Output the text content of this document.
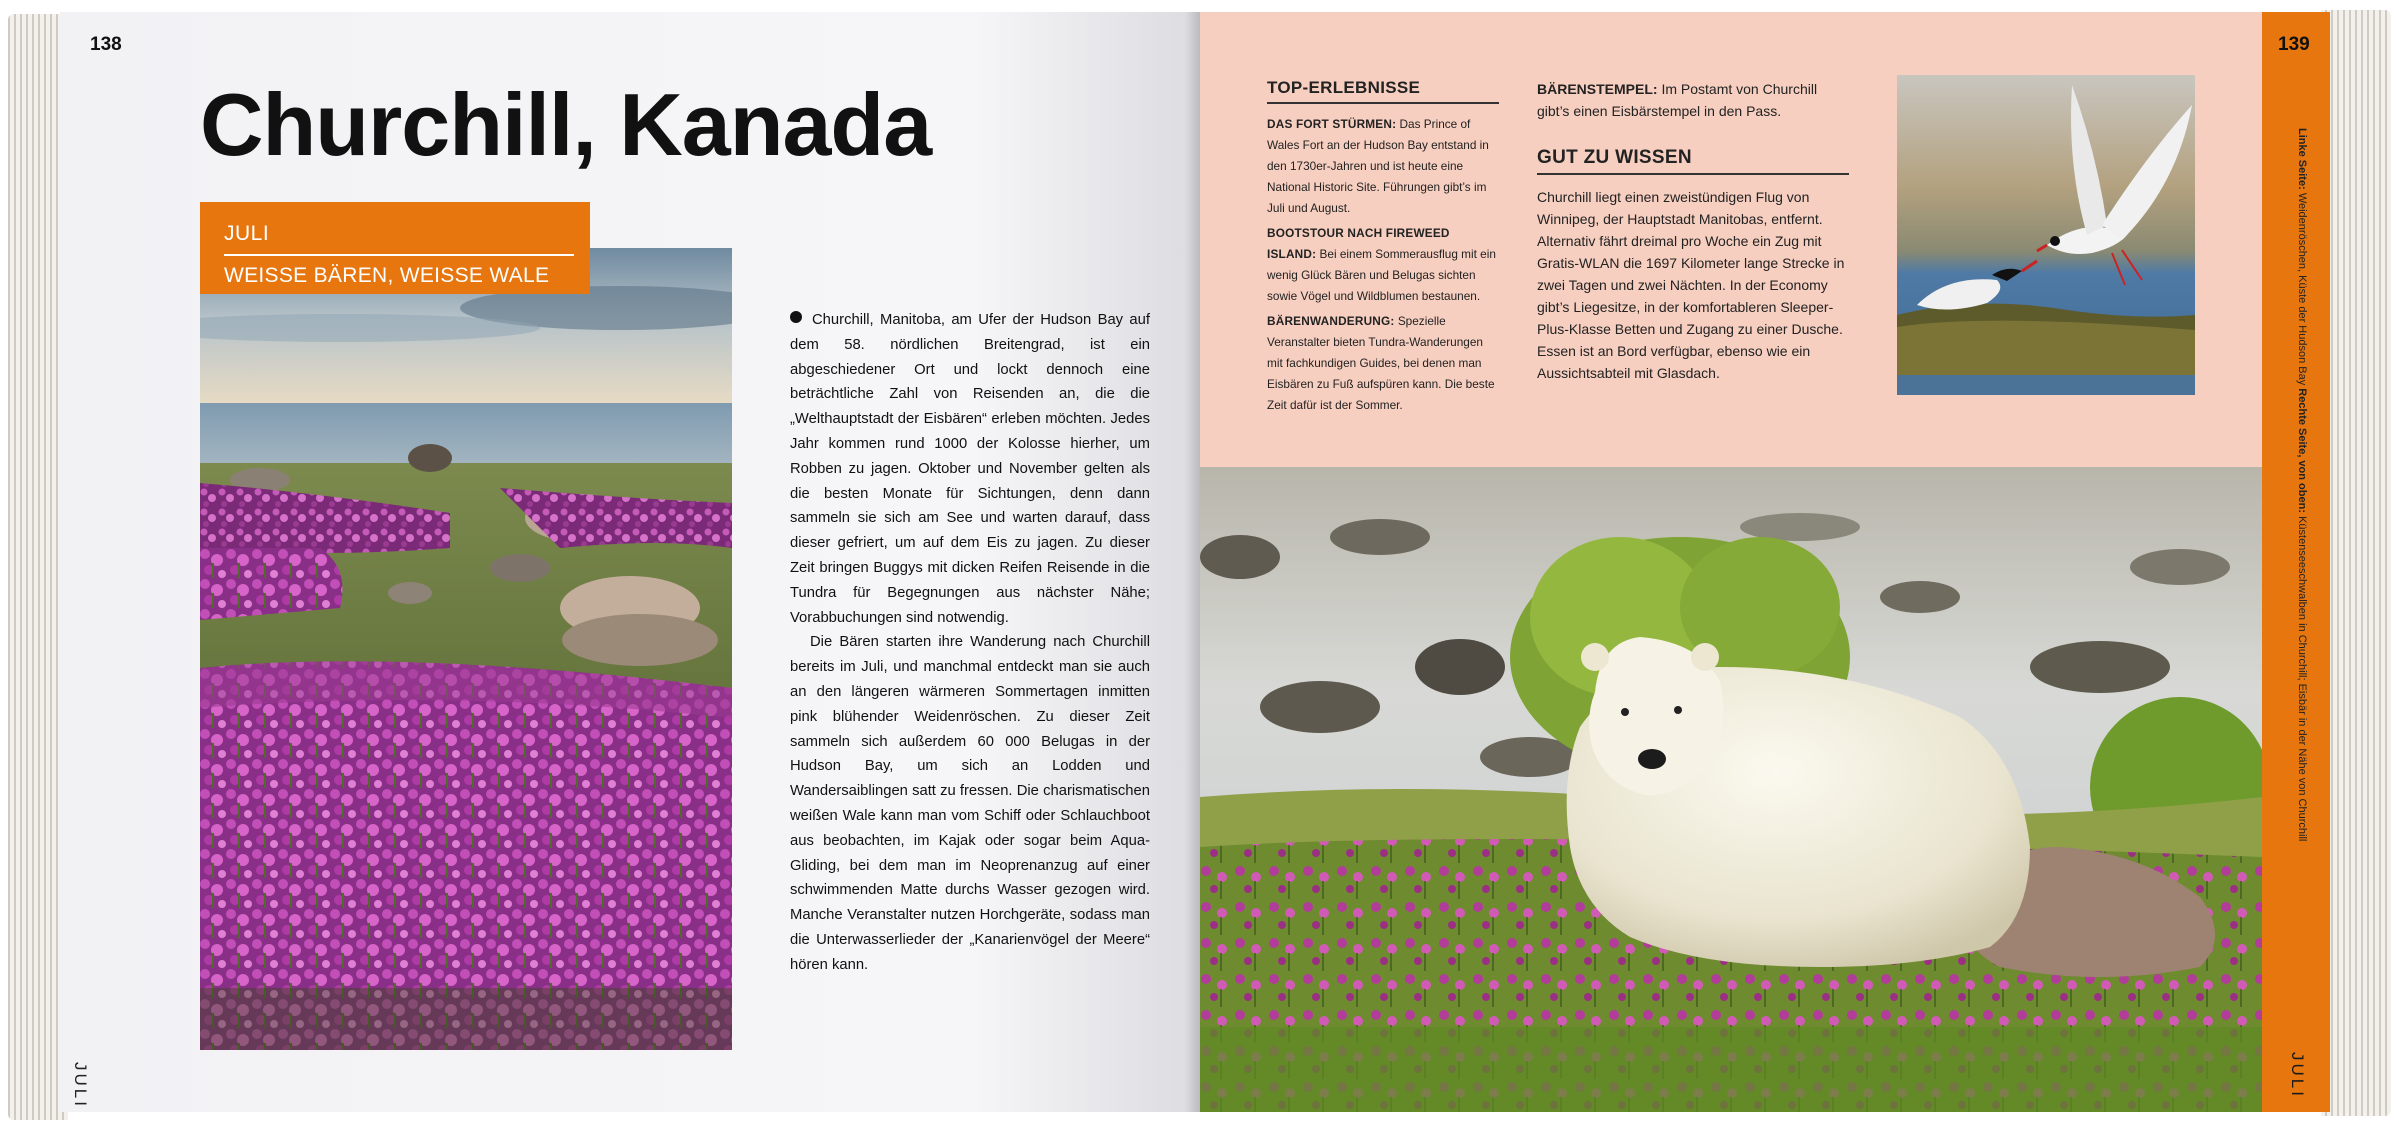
138
Churchill, Kanada
JULI
WEISSE BÄREN, WEISSE WALE

Churchill, Manitoba, am Ufer der Hudson Bay auf dem 58. nördlichen Breitengrad, ist ein abgeschiedener Ort und lockt dennoch eine beträchtliche Zahl von Reisenden an, die die „Welthauptstadt der Eisbären“ erleben möchten. Jedes Jahr kommen rund 1000 der Kolosse hierher, um Robben zu jagen. Oktober und November gelten als die besten Monate für Sichtungen, denn dann sammeln sie sich am See und warten darauf, dass dieser gefriert, um auf dem Eis zu jagen. Zu dieser Zeit bringen Buggys mit dicken Reifen Reisende in die Tundra für Begegnungen aus nächster Nähe; Vorabbuchungen sind notwendig.

Die Bären starten ihre Wanderung nach Churchill bereits im Juli, und manchmal entdeckt man sie auch an den längeren wärmeren Sommertagen inmitten pink blühender Weidenröschen. Zu dieser Zeit sammeln sich außerdem 60 000 Belugas in der Hudson Bay, um sich an Lodden und Wandersaiblingen satt zu fressen. Die charismatischen weißen Wale kann man vom Schiff oder Schlauchboot aus beobachten, im Kajak oder sogar beim Aqua-Gliding, bei dem man im Neoprenanzug auf einer schwimmenden Matte durchs Wasser gezogen wird. Manche Veranstalter nutzen Horchgeräte, sodass man die Unterwasserlieder der „Kanarienvögel der Meere“ hören kann.

JULI
TOP-ERLEBNISSE

DAS FORT STÜRMEN: Das Prince of Wales Fort an der Hudson Bay entstand in den 1730er-Jahren und ist heute eine National Historic Site. Führungen gibt’s im Juli und August.

BOOTSTOUR NACH FIREWEED ISLAND: Bei einem Sommerausflug mit ein wenig Glück Bären und Belugas sichten sowie Vögel und Wildblumen bestaunen.

BÄRENWANDERUNG: Spezielle Veranstalter bieten Tundra-Wanderungen mit fachkundigen Guides, bei denen man Eisbären zu Fuß aufspüren kann. Die beste Zeit dafür ist der Sommer.

BÄRENSTEMPEL: Im Postamt von Churchill gibt’s einen Eisbärstempel in den Pass.
GUT ZU WISSEN
Churchill liegt einen zweistündigen Flug von Winnipeg, der Hauptstadt Manitobas, entfernt. Alternativ fährt dreimal pro Woche ein Zug mit Gratis-WLAN die 1697 Kilometer lange Strecke in zwei Tagen und zwei Nächten. In der Economy gibt’s Liegesitze, in der komfortableren Sleeper-Plus-Klasse Betten und Zugang zu einer Dusche. Essen ist an Bord verfügbar, ebenso wie ein Aussichtsabteil mit Glasdach.
139
Linke Seite: Weidenröschen, Küste der Hudson Bay Rechte Seite, von oben: Küstenseeschwalben in Churchill; Eisbär in der Nähe von Churchill
JULI
